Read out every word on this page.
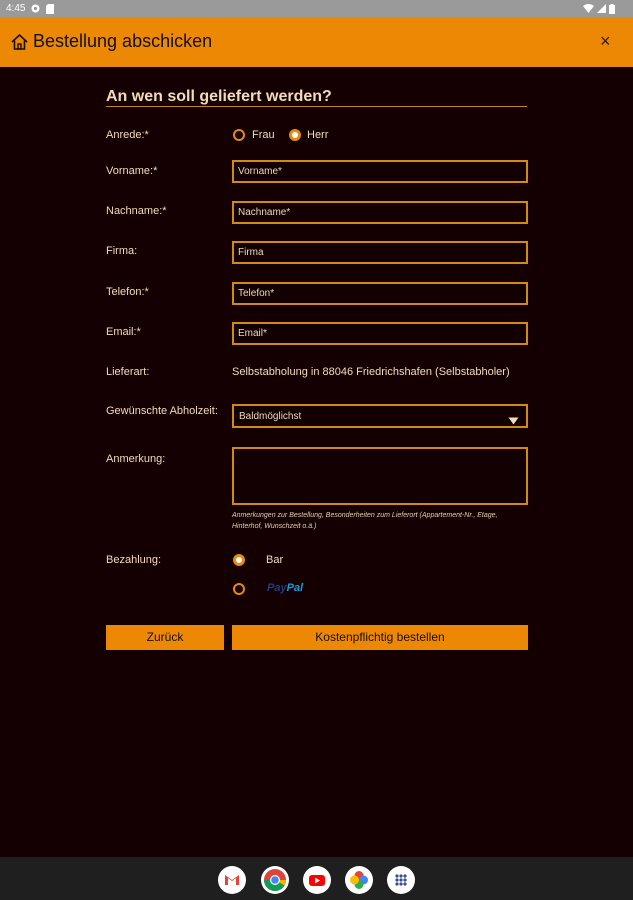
4:45
Bestellung abschicken	×
An wen soll geliefert werden?
Anrede:*	Frau	Herr
Vorname:*
Vorname*
Nachname:*
Nachname*
Firma:
Firma
Telefon:*
Telefon*
Email:*
Email*
Lieferart:	Selbstabholung in 88046 Friedrichshafen (Selbstabholer)
Gewünschte Abholzeit: Baldmöglichst
Anmerkung:
Anmerkungen zur Bestellung, Besonderheiten zum Lieferort (Appartement-Nr., Etage, Hinterhof, Wunschzeit o.ä.)
Bezahlung:	Bar
PayPal
Zurück	Kostenpflichtig bestellen
